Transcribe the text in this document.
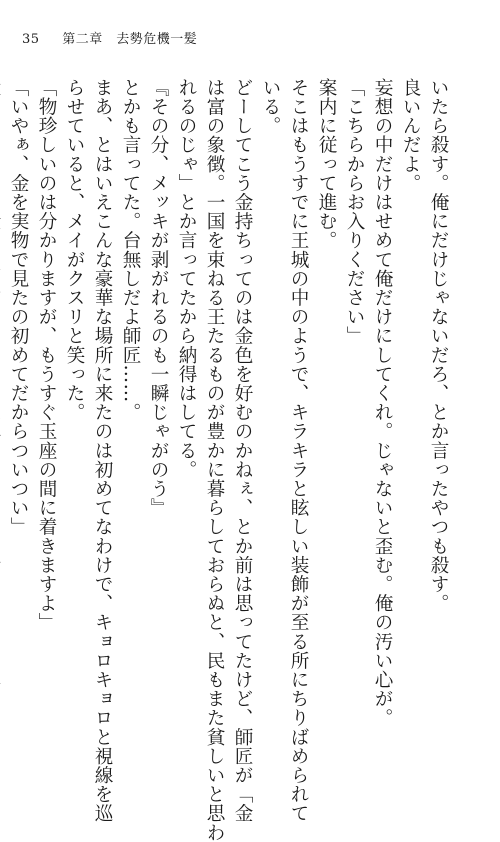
35 第二章　去勢危機一髪
いたら殺す。俺にだけじゃないだろ、とか言ったやつも殺す。
良いんだよ。
妄想の中だけはせめて俺だけにしてくれ。じゃないと歪む。俺の汚い心が。
「こちらからお入りください」
案内に従って進む。
そこはもうすでに王城の中のようで、キラキラと眩しい装飾が至る所にちりばめられて
いる。
どーしてこう金持ちってのは金色を好むのかねぇ、とか前は思ってたけど、師匠が「金
は富の象徴。一国を束ねる王たるものが豊かに暮らしておらぬと、民もまた貧しいと思わ
れるのじゃ」とか言ってたから納得はしてる。
『その分、メッキが剥がれるのも一瞬じゃがのう』
とかも言ってた。台無しだよ師匠……。
まあ、とはいえこんな豪華な場所に来たのは初めてなわけで、キョロキョロと視線を巡
らせていると、メイがクスリと笑った。
「物珍しいのは分かりますが、もうすぐ玉座の間に着きますよ」
「いやぁ、金を実物で見たの初めてだからついつい」
